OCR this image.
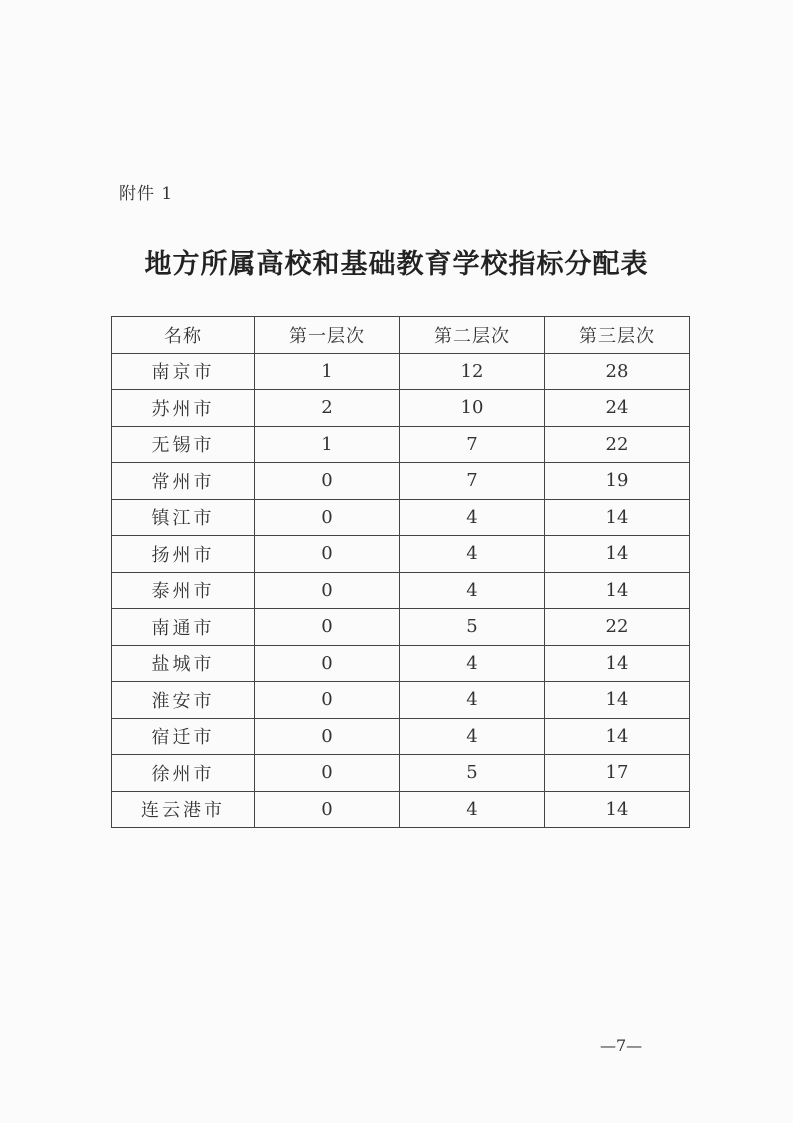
附件 1
地方所属高校和基础教育学校指标分配表
名称	第一层次	第二层次	第三层次
南京市	1	12	28
苏州市	2	10	24
无锡市	1	7	22
常州市	0	7	19
镇江市	0	4	14
扬州市	0	4	14
泰州市	0	4	14
南通市	0	5	22
盐城市	0	4	14
淮安市	0	4	14
宿迁市	0	4	14
徐州市	0	5	17
连云港市	0	4	14
—7—
